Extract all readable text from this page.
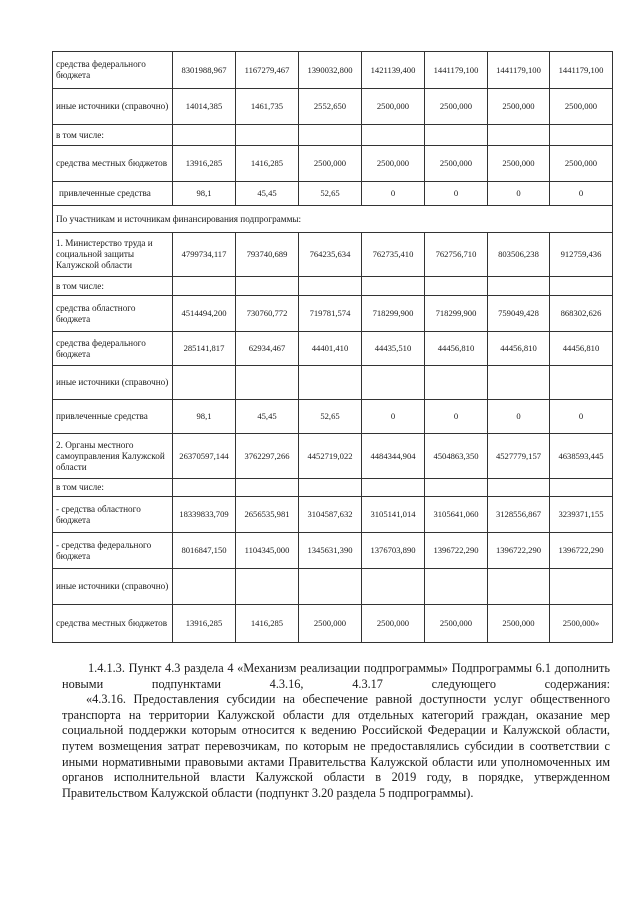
средства федерального бюджета	8301988,967	1167279,467	1390032,800	1421139,400	1441179,100	1441179,100	1441179,100
иные источники (справочно)	14014,385	1461,735	2552,650	2500,000	2500,000	2500,000	2500,000
в том числе:							
средства местных бюджетов	13916,285	1416,285	2500,000	2500,000	2500,000	2500,000	2500,000
привлеченные средства	98,1	45,45	52,65	0	0	0	0
По участникам и источникам финансирования подпрограммы:							
1. Министерство труда и социальной защиты Калужской области	4799734,117	793740,689	764235,634	762735,410	762756,710	803506,238	912759,436
в том числе:							
средства областного бюджета	4514494,200	730760,772	719781,574	718299,900	718299,900	759049,428	868302,626
средства федерального бюджета	285141,817	62934,467	44401,410	44435,510	44456,810	44456,810	44456,810
иные источники (справочно)							
привлеченные средства	98,1	45,45	52,65	0	0	0	0
2. Органы местного самоуправления Калужской области	26370597,144	3762297,266	4452719,022	4484344,904	4504863,350	4527779,157	4638593,445
в том числе:							
- средства областного бюджета	18339833,709	2656535,981	3104587,632	3105141,014	3105641,060	3128556,867	3239371,155
- средства федерального бюджета	8016847,150	1104345,000	1345631,390	1376703,890	1396722,290	1396722,290	1396722,290
иные источники (справочно)							
средства местных бюджетов	13916,285	1416,285	2500,000	2500,000	2500,000	2500,000	2500,000»

1.4.1.3. Пункт 4.3 раздела 4 «Механизм реализации подпрограммы» Подпрограммы 6.1 дополнить новыми подпунктами 4.3.16, 4.3.17 следующего содержания:

«4.3.16. Предоставления субсидии на обеспечение равной доступности услуг общественного транспорта на территории Калужской области для отдельных категорий граждан, оказание мер социальной поддержки которым относится к ведению Российской Федерации и Калужской области, путем возмещения затрат перевозчикам, по которым не предоставлялись субсидии в соответствии с иными нормативными правовыми актами Правительства Калужской области или уполномоченных им органов исполнительной власти Калужской области в 2019 году, в порядке, утвержденном Правительством Калужской области (подпункт 3.20 раздела 5 подпрограммы).
